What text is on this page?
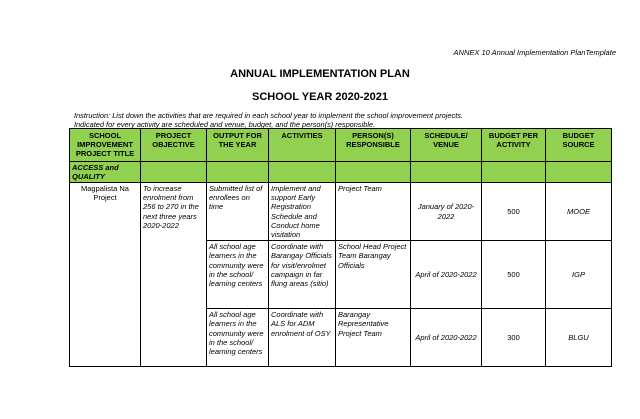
ANNEX 10 Annual Implementation PlanTemplate
ANNUAL IMPLEMENTATION PLAN
SCHOOL YEAR 2020-2021
Instruction: List down the activities that are required in each school year to implement the school improvement projects.
Indicated for every activity are scheduled and venue, budget, and the person(s) responsible.
SCHOOL IMPROVEMENT PROJECT TITLE	PROJECT OBJECTIVE	OUTPUT FOR THE YEAR	ACTIVITIES	PERSON(S) RESPONSIBLE	SCHEDULE/ VENUE	BUDGET PER ACTIVITY	BUDGET SOURCE
ACCESS and QUALITY							
Magpalista Na Project	To increase enrolment from 256 to 270 in the next three years 2020-2022	Submitted list of enrollees on time	Implement and support Early Registration Schedule and Conduct home visitation	Project Team	January of 2020-2022	500	MOOE
		All school age learners in the community were in the school/ learning centers	Coordinate with Barangay Officials for visit/enrolmet campaign in far flung areas (sitio)	School Head Project Team Barangay Officials	April of 2020-2022	500	IGP
		All school age learners in the community were in the school/ learning centers	Coordinate with ALS for ADM enrolment of OSY	Barangay Representative Project Team	April of 2020-2022	300	BLGU
